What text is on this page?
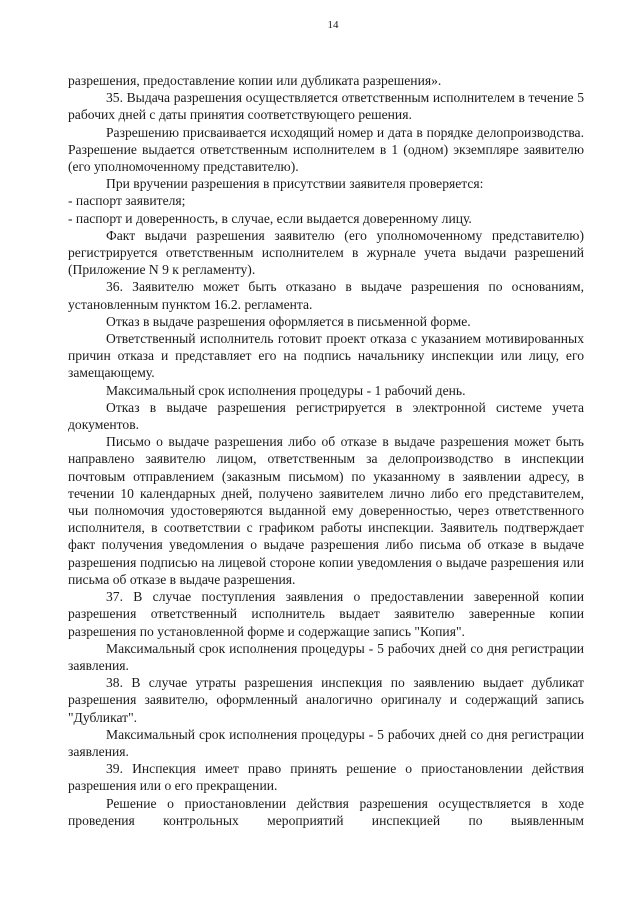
14

разрешения, предоставление копии или дубликата разрешения».

35. Выдача разрешения осуществляется ответственным исполнителем в течение 5 рабочих дней с даты принятия соответствующего решения.

Разрешению присваивается исходящий номер и дата в порядке делопроизводства. Разрешение выдается ответственным исполнителем в 1 (одном) экземпляре заявителю (его уполномоченному представителю).

При вручении разрешения в присутствии заявителя проверяется:

- паспорт заявителя;

- паспорт и доверенность, в случае, если выдается доверенному лицу.

Факт выдачи разрешения заявителю (его уполномоченному представителю) регистрируется ответственным исполнителем в журнале учета выдачи разрешений (Приложение N 9 к регламенту).

36. Заявителю может быть отказано в выдаче разрешения по основаниям, установленным пунктом 16.2. регламента.

Отказ в выдаче разрешения оформляется в письменной форме.

Ответственный исполнитель готовит проект отказа с указанием мотивированных причин отказа и представляет его на подпись начальнику инспекции или лицу, его замещающему.

Максимальный срок исполнения процедуры - 1 рабочий день.

Отказ в выдаче разрешения регистрируется в электронной системе учета документов.

Письмо о выдаче разрешения либо об отказе в выдаче разрешения может быть направлено заявителю лицом, ответственным за делопроизводство в инспекции почтовым отправлением (заказным письмом) по указанному в заявлении адресу, в течении 10 календарных дней, получено заявителем лично либо его представителем, чьи полномочия удостоверяются выданной ему доверенностью, через ответственного исполнителя, в соответствии с графиком работы инспекции. Заявитель подтверждает факт получения уведомления о выдаче разрешения либо письма об отказе в выдаче разрешения подписью на лицевой стороне копии уведомления о выдаче разрешения или письма об отказе в выдаче разрешения.

37. В случае поступления заявления о предоставлении заверенной копии разрешения ответственный исполнитель выдает заявителю заверенные копии разрешения по установленной форме и содержащие запись "Копия".

Максимальный срок исполнения процедуры - 5 рабочих дней со дня регистрации заявления.

38. В случае утраты разрешения инспекция по заявлению выдает дубликат разрешения заявителю, оформленный аналогично оригиналу и содержащий запись "Дубликат".

Максимальный срок исполнения процедуры - 5 рабочих дней со дня регистрации заявления.

39. Инспекция имеет право принять решение о приостановлении действия разрешения или о его прекращении.

Решение о приостановлении действия разрешения осуществляется в ходе проведения контрольных мероприятий инспекцией по выявленным
